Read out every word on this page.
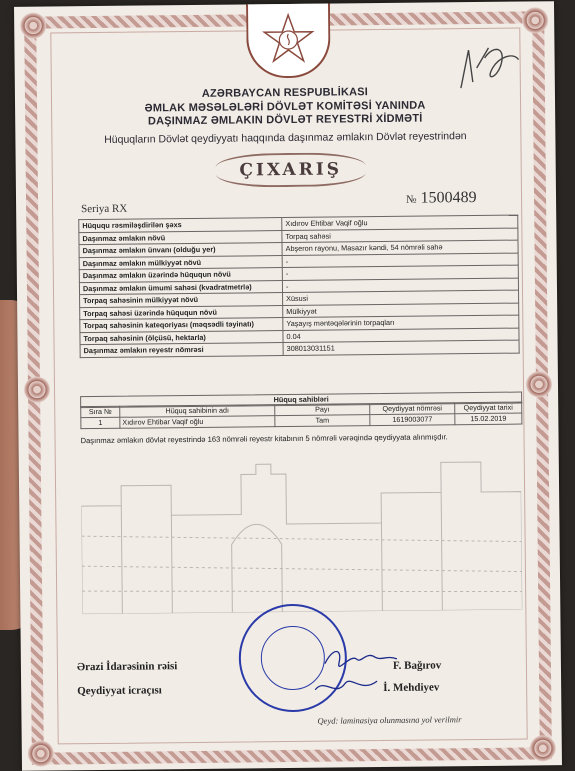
AZƏRBAYCAN RESPUBLİKASI
ƏMLAK MƏSƏLƏLƏRİ DÖVLƏT KOMİTƏSİ YANINDA
DAŞINMAZ ƏMLAKIN DÖVLƏT REYESTRİ XİDMƏTİ
Hüquqların Dövlət qeydiyyatı haqqında daşınmaz əmlakın Dövlət reyestrindən
ÇIXARIŞ
Seriya RX
№ 1500489
Hüququ rəsmiləşdirilən şəxs	Xıdırov Ehtibar Vaqif oğlu
Daşınmaz əmlakın növü	Torpaq sahəsi
Daşınmaz əmlakın ünvanı (olduğu yer)	Abşeron rayonu, Masazır kəndi, 54 nömrəli sahə
Daşınmaz əmlakın mülkiyyət növü	-
Daşınmaz əmlakın üzərində hüququn növü	-
Daşınmaz əmlakın ümumi sahəsi (kvadratmetrlə)	-
Torpaq sahəsinin mülkiyyət növü	Xüsusi
Torpaq sahəsi üzərində hüququn növü	Mülkiyyət
Torpaq sahəsinin kateqoriyası (məqsədli təyinatı)	Yaşayış məntəqələrinin torpaqları
Torpaq sahəsinin (ölçüsü, hektarla)	0.04
Daşınmaz əmlakın reyestr nömrəsi	308013031151
Hüquq sahibləri
Sıra №	Hüquq sahibinin adı	Payı	Qeydiyyat nömrəsi	Qeydiyyat tarixi
1	Xıdırov Ehtibar Vaqif oğlu	Tam	1619003077	15.02.2019
Daşınmaz əmlakın dövlət reyestrində 163 nömrəli reyestr kitabının 5 nömrəli vərəqində qeydiyyata alınmışdır.
Ərazi İdarəsinin rəisi	F. Bağırov
Qeydiyyat icraçısı	İ. Mehdiyev
Qeyd: laminasiya olunmasına yol verilmir
